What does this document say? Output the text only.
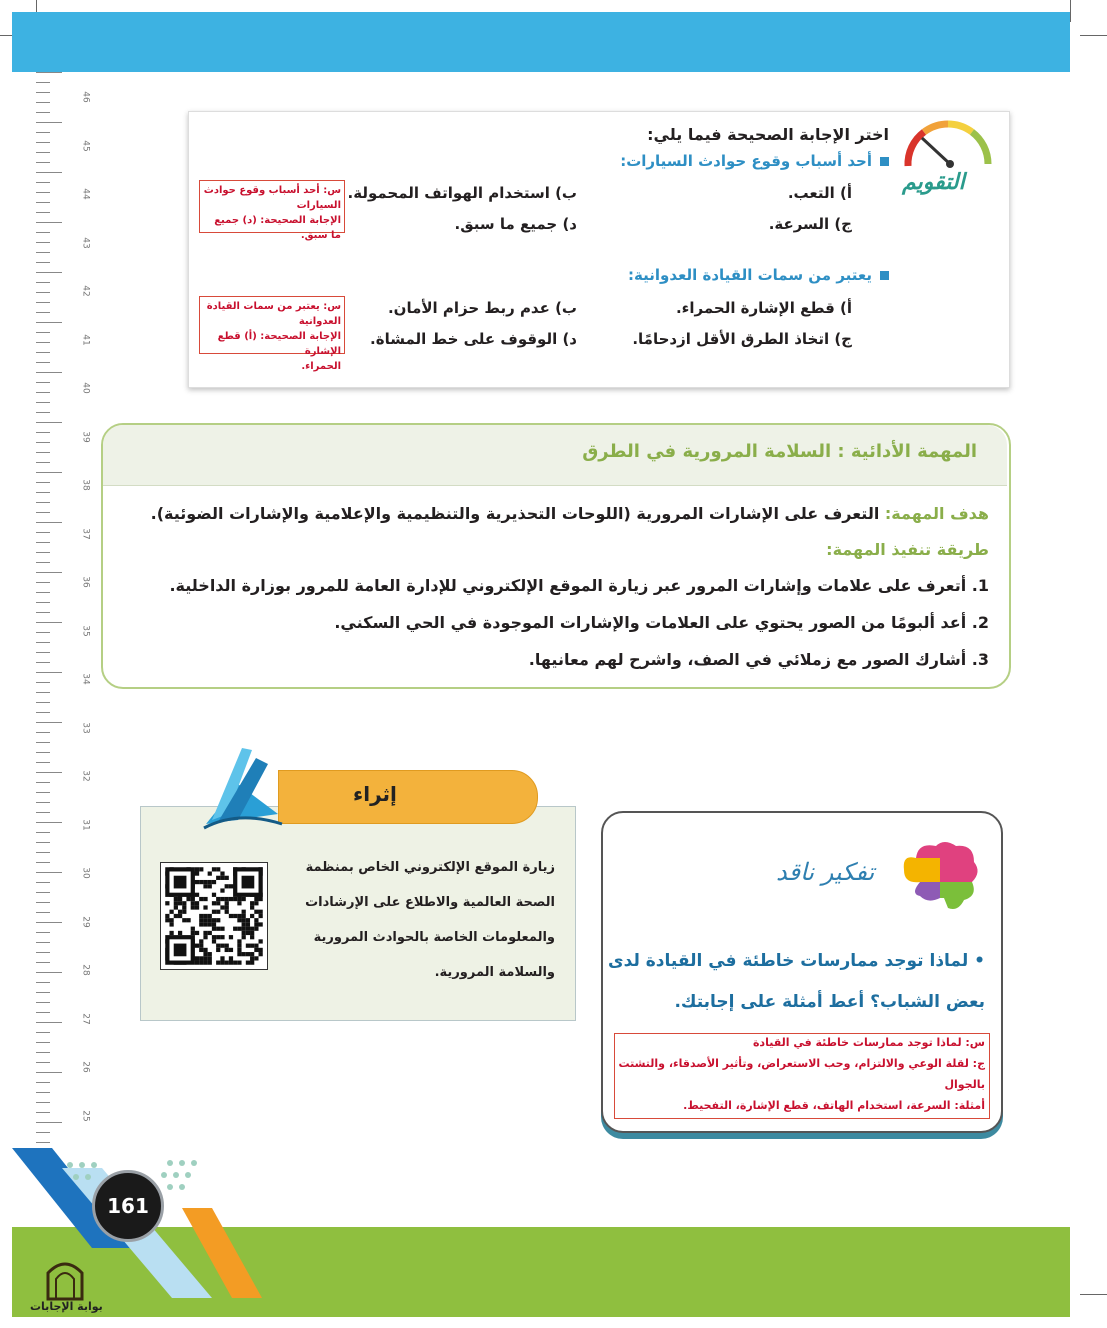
46
45
44
43
42
41
40
39
38
37
36
35
34
33
32
31
30
29
28
27
26
25
التقويم
اختر الإجابة الصحيحة فيما يلي:
أحد أسباب وقوع حوادث السيارات:
أ) التعب.
ب) استخدام الهواتف المحمولة.
ج) السرعة.
د) جميع ما سبق.
س: أحد أسباب وقوع حوادث السيارات
الإجابة الصحيحة: (د) جميع ما سبق.
يعتبر من سمات القيادة العدوانية:
أ) قطع الإشارة الحمراء.
ب) عدم ربط حزام الأمان.
ج) اتخاذ الطرق الأقل ازدحامًا.
د) الوقوف على خط المشاة.
س: يعتبر من سمات القيادة العدوانية
الإجابة الصحيحة: (أ) قطع الإشارة
الحمراء.
المهمة الأدائية : السلامة المرورية في الطرق
هدف المهمة: التعرف على الإشارات المرورية (اللوحات التحذيرية والتنظيمية والإعلامية والإشارات الضوئية).
طريقة تنفيذ المهمة:
1. أتعرف على علامات وإشارات المرور عبر زيارة الموقع الإلكتروني للإدارة العامة للمرور بوزارة الداخلية.
2. أعد ألبومًا من الصور يحتوي على العلامات والإشارات الموجودة في الحي السكني.
3. أشارك الصور مع زملائي في الصف، واشرح لهم معانيها.
إثراء
زيارة الموقع الإلكتروني الخاص بمنظمة
الصحة العالمية والاطلاع على الإرشادات
والمعلومات الخاصة بالحوادث المرورية
والسلامة المرورية.
تفكير ناقد
• لماذا توجد ممارسات خاطئة في القيادة لدى
بعض الشباب؟ أعط أمثلة على إجابتك.
س: لماذا توجد ممارسات خاطئة في القيادة
ج: لقلة الوعي والالتزام، وحب الاستعراض، وتأثير الأصدقاء، والتشتت
بالجوال
أمثلة: السرعة، استخدام الهاتف، قطع الإشارة، التفحيط.
161
بوابة الإجابات
